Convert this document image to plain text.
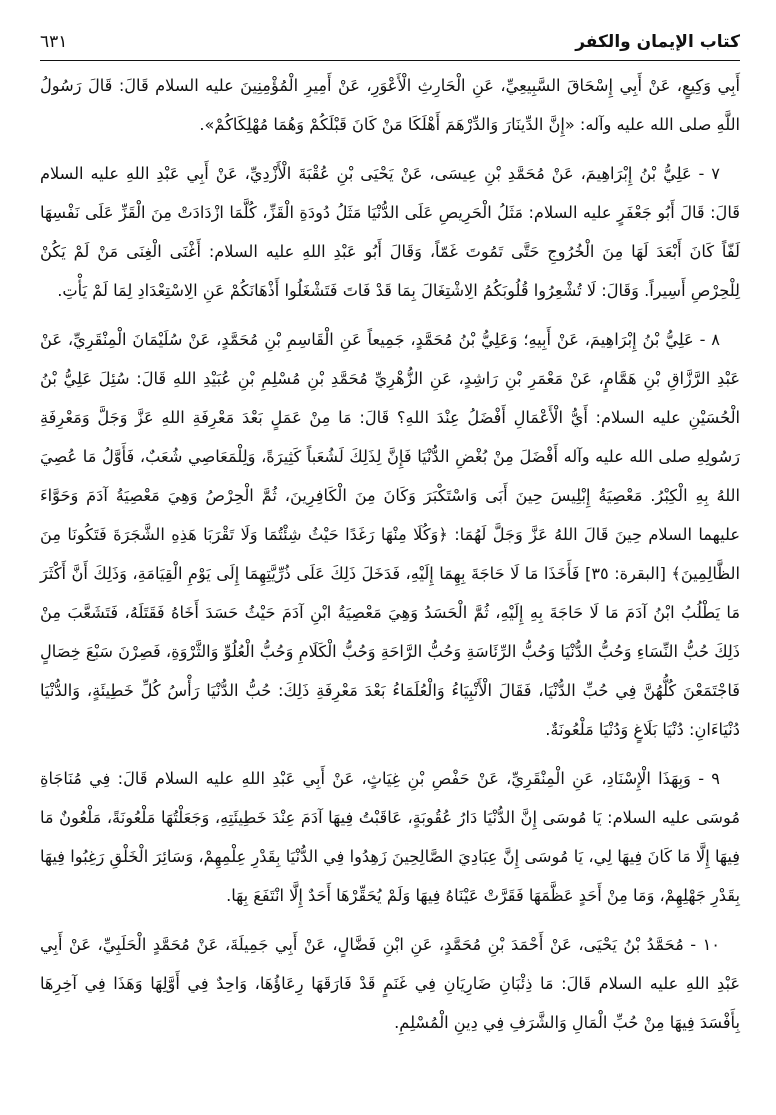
كتاب الإيمان والكفر
٦٣١

أَبِي وَكِيعٍ، عَنْ أَبِي إِسْحَاقَ السَّبِيعِيِّ، عَنِ الْحَارِثِ الْأَعْوَرِ، عَنْ أَمِيرِ الْمُؤْمِنِينَ عليه السلام قَالَ: قَالَ رَسُولُ اللَّهِ صلى الله عليه وآله: «إِنَّ الدِّينَارَ وَالدِّرْهَمَ أَهْلَكَا مَنْ كَانَ قَبْلَكُمْ وَهُمَا مُهْلِكَاكُمْ».

٧ - عَلِيُّ بْنُ إِبْرَاهِيمَ، عَنْ مُحَمَّدِ بْنِ عِيسَى، عَنْ يَحْيَى بْنِ عُقْبَةَ الْأَزْدِيِّ، عَنْ أَبِي عَبْدِ اللهِ عليه السلام قَالَ: قَالَ أَبُو جَعْفَرٍ عليه السلام: مَثَلُ الْحَرِيصِ عَلَى الدُّنْيَا مَثَلُ دُودَةِ الْقَزِّ، كُلَّمَا ازْدَادَتْ مِنَ الْقَزِّ عَلَى نَفْسِهَا لَفّاً كَانَ أَبْعَدَ لَهَا مِنَ الْخُرُوجِ حَتَّى تَمُوتَ غَمّاً، وَقَالَ أَبُو عَبْدِ اللهِ عليه السلام: أَغْنَى الْغِنَى مَنْ لَمْ يَكُنْ لِلْحِرْصِ أَسِيراً. وَقَالَ: لَا تُشْعِرُوا قُلُوبَكُمُ الِاشْتِغَالَ بِمَا قَدْ فَاتَ فَتَشْغَلُوا أَذْهَانَكُمْ عَنِ الِاسْتِعْدَادِ لِمَا لَمْ يَأْتِ.

٨ - عَلِيُّ بْنُ إِبْرَاهِيمَ، عَنْ أَبِيهِ؛ وَعَلِيُّ بْنُ مُحَمَّدٍ، جَمِيعاً عَنِ الْقَاسِمِ بْنِ مُحَمَّدٍ، عَنْ سُلَيْمَانَ الْمِنْقَرِيِّ، عَنْ عَبْدِ الرَّزَّاقِ بْنِ هَمَّامٍ، عَنْ مَعْمَرِ بْنِ رَاشِدٍ، عَنِ الزُّهْرِيِّ مُحَمَّدِ بْنِ مُسْلِمِ بْنِ عُبَيْدِ اللهِ قَالَ: سُئِلَ عَلِيُّ بْنُ الْحُسَيْنِ عليه السلام: أَيُّ الْأَعْمَالِ أَفْضَلُ عِنْدَ اللهِ؟ قَالَ: مَا مِنْ عَمَلٍ بَعْدَ مَعْرِفَةِ اللهِ عَزَّ وَجَلَّ وَمَعْرِفَةِ رَسُولِهِ صلى الله عليه وآله أَفْضَلَ مِنْ بُغْضِ الدُّنْيَا فَإِنَّ لِذَلِكَ لَشُعَباً كَثِيرَةً، وَلِلْمَعَاصِي شُعَبٌ، فَأَوَّلُ مَا عُصِيَ اللهُ بِهِ الْكِبْرُ. مَعْصِيَةُ إِبْلِيسَ حِينَ أَبَى وَاسْتَكْبَرَ وَكَانَ مِنَ الْكَافِرِينَ، ثُمَّ الْحِرْصُ وَهِيَ مَعْصِيَةُ آدَمَ وَحَوَّاءَ عليهما السلام حِينَ قَالَ اللهُ عَزَّ وَجَلَّ لَهُمَا: ﴿وَكُلَا مِنْهَا رَغَدًا حَيْثُ شِئْتُمَا وَلَا تَقْرَبَا هَذِهِ الشَّجَرَةَ فَتَكُونَا مِنَ الظَّالِمِينَ﴾ [البقرة: ٣٥] فَأَخَذَا مَا لَا حَاجَةَ بِهِمَا إِلَيْهِ، فَدَخَلَ ذَلِكَ عَلَى ذُرِّيَّتِهِمَا إِلَى يَوْمِ الْقِيَامَةِ، وَذَلِكَ أَنَّ أَكْثَرَ مَا يَطْلُبُ ابْنُ آدَمَ مَا لَا حَاجَةَ بِهِ إِلَيْهِ، ثُمَّ الْحَسَدُ وَهِيَ مَعْصِيَةُ ابْنِ آدَمَ حَيْثُ حَسَدَ أَخَاهُ فَقَتَلَهُ، فَتَشَعَّبَ مِنْ ذَلِكَ حُبُّ النِّسَاءِ وَحُبُّ الدُّنْيَا وَحُبُّ الرِّئَاسَةِ وَحُبُّ الرَّاحَةِ وَحُبُّ الْكَلَامِ وَحُبُّ الْعُلُوِّ وَالثَّرْوَةِ، فَصِرْنَ سَبْعَ خِصَالٍ فَاجْتَمَعْنَ كُلُّهُنَّ فِي حُبِّ الدُّنْيَا، فَقَالَ الْأَنْبِيَاءُ وَالْعُلَمَاءُ بَعْدَ مَعْرِفَةِ ذَلِكَ: حُبُّ الدُّنْيَا رَأْسُ كُلِّ خَطِيئَةٍ، وَالدُّنْيَا دُنْيَاءَانِ: دُنْيَا بَلَاغٍ وَدُنْيَا مَلْعُونَةٌ.

٩ - وَبِهَذَا الْإِسْنَادِ، عَنِ الْمِنْقَرِيِّ، عَنْ حَفْصِ بْنِ غِيَاثٍ، عَنْ أَبِي عَبْدِ اللهِ عليه السلام قَالَ: فِي مُنَاجَاةِ مُوسَى عليه السلام: يَا مُوسَى إِنَّ الدُّنْيَا دَارُ عُقُوبَةٍ، عَاقَبْتُ فِيهَا آدَمَ عِنْدَ خَطِيئَتِهِ، وَجَعَلْتُهَا مَلْعُونَةً، مَلْعُونٌ مَا فِيهَا إِلَّا مَا كَانَ فِيهَا لِي، يَا مُوسَى إِنَّ عِبَادِيَ الصَّالِحِينَ زَهِدُوا فِي الدُّنْيَا بِقَدْرِ عِلْمِهِمْ، وَسَائِرَ الْخَلْقِ رَغِبُوا فِيهَا بِقَدْرِ جَهْلِهِمْ، وَمَا مِنْ أَحَدٍ عَظَّمَهَا فَقَرَّتْ عَيْنَاهُ فِيهَا وَلَمْ يُحَقِّرْهَا أَحَدٌ إِلَّا انْتَفَعَ بِهَا.

١٠ - مُحَمَّدُ بْنُ يَحْيَى، عَنْ أَحْمَدَ بْنِ مُحَمَّدٍ، عَنِ ابْنِ فَضَّالٍ، عَنْ أَبِي جَمِيلَةَ، عَنْ مُحَمَّدٍ الْحَلَبِيِّ، عَنْ أَبِي عَبْدِ اللهِ عليه السلام قَالَ: مَا ذِئْبَانِ ضَارِيَانِ فِي غَنَمٍ قَدْ فَارَقَهَا رِعَاؤُهَا، وَاحِدٌ فِي أَوَّلِهَا وَهَذَا فِي آخِرِهَا بِأَفْسَدَ فِيهَا مِنْ حُبِّ الْمَالِ وَالشَّرَفِ فِي دِينِ الْمُسْلِمِ.
